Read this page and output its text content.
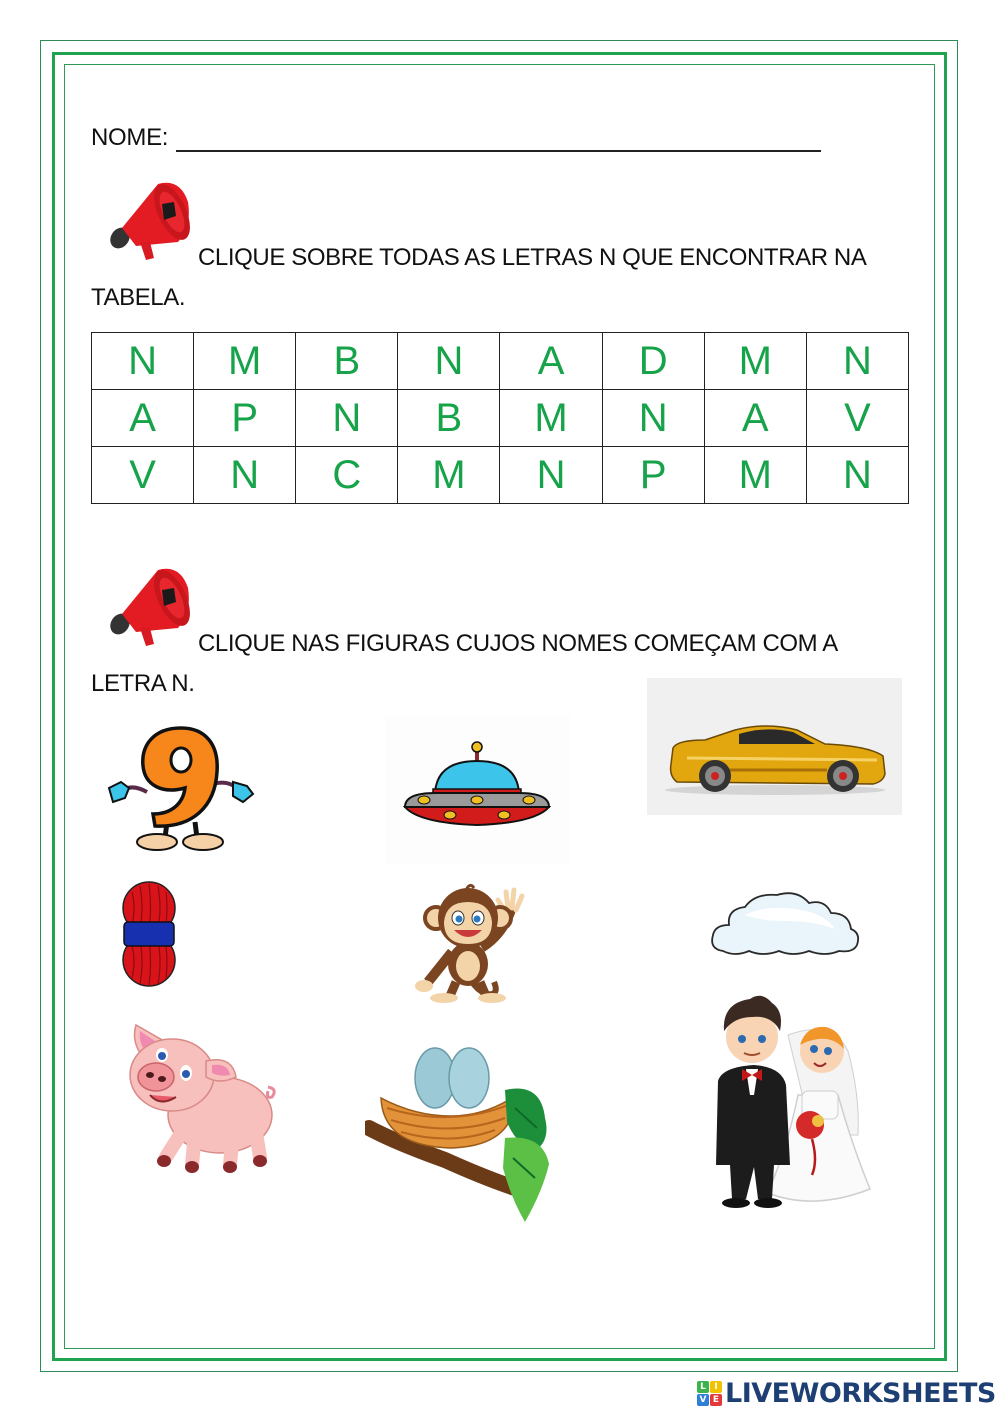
NOME:
CLIQUE SOBRE TODAS AS LETRAS N QUE ENCONTRAR NA
TABELA.
N	M	B	N	A	D	M	N
A	P	N	B	M	N	A	V
V	N	C	M	N	P	M	N
CLIQUE NAS FIGURAS CUJOS NOMES COMEÇAM COM A
LETRA N.
L I
V E LIVEWORKSHEETS
